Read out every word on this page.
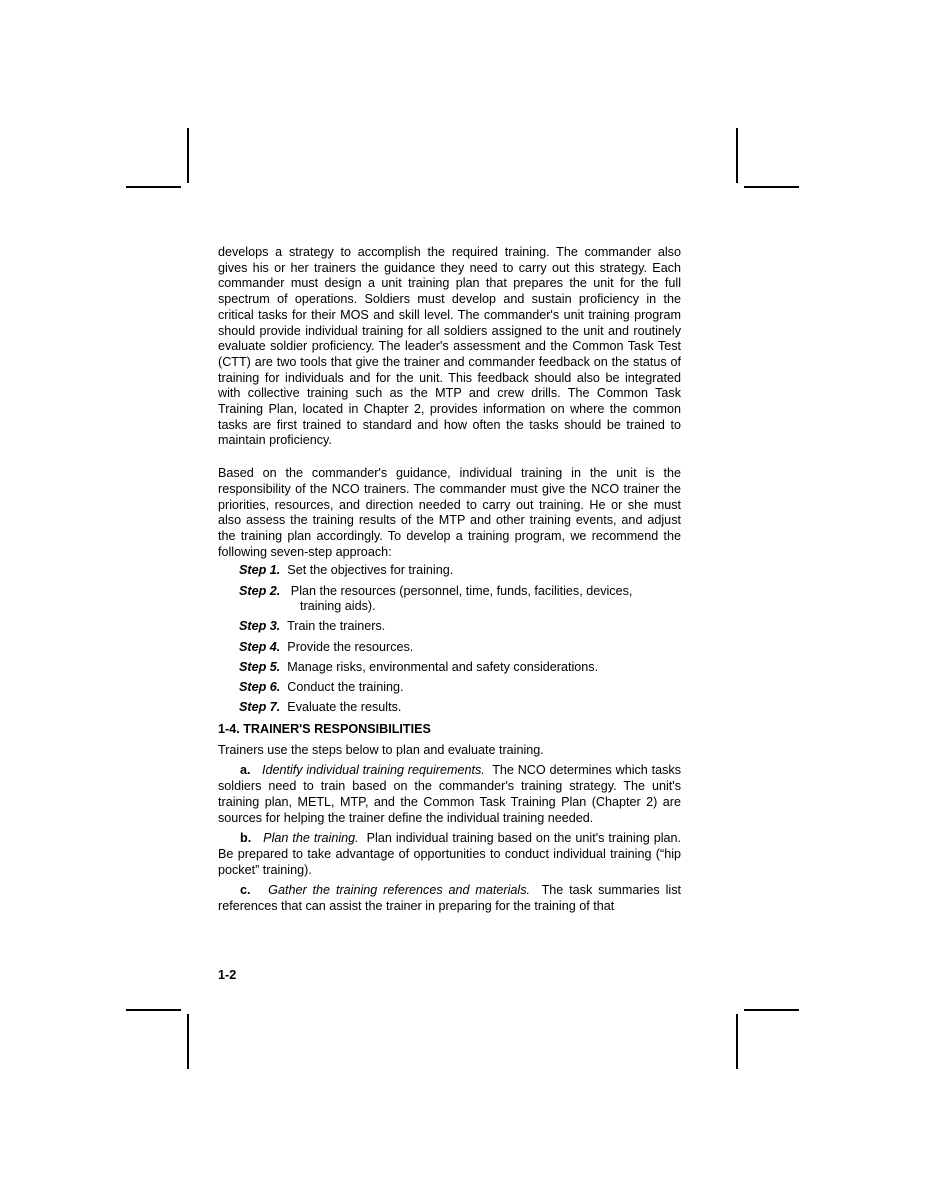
develops a strategy to accomplish the required training. The commander also gives his or her trainers the guidance they need to carry out this strategy. Each commander must design a unit training plan that prepares the unit for the full spectrum of operations. Soldiers must develop and sustain proficiency in the critical tasks for their MOS and skill level. The commander's unit training program should provide individual training for all soldiers assigned to the unit and routinely evaluate soldier proficiency. The leader's assessment and the Common Task Test (CTT) are two tools that give the trainer and commander feedback on the status of training for individuals and for the unit. This feedback should also be integrated with collective training such as the MTP and crew drills. The Common Task Training Plan, located in Chapter 2, provides information on where the common tasks are first trained to standard and how often the tasks should be trained to maintain proficiency.

Based on the commander's guidance, individual training in the unit is the responsibility of the NCO trainers. The commander must give the NCO trainer the priorities, resources, and direction needed to carry out training. He or she must also assess the training results of the MTP and other training events, and adjust the training plan accordingly. To develop a training program, we recommend the following seven-step approach:

Step 1. Set the objectives for training.
Step 2. Plan the resources (personnel, time, funds, facilities, devices,
training aids).
Step 3. Train the trainers.
Step 4. Provide the resources.
Step 5. Manage risks, environmental and safety considerations.
Step 6. Conduct the training.
Step 7. Evaluate the results.
1-4. TRAINER'S RESPONSIBILITIES

Trainers use the steps below to plan and evaluate training.

a. Identify individual training requirements. The NCO determines which tasks soldiers need to train based on the commander's training strategy. The unit's training plan, METL, MTP, and the Common Task Training Plan (Chapter 2) are sources for helping the trainer define the individual training needed.

b. Plan the training. Plan individual training based on the unit's training plan. Be prepared to take advantage of opportunities to conduct individual training (“hip pocket” training).

c. Gather the training references and materials. The task summaries list references that can assist the trainer in preparing for the training of that

1-2
